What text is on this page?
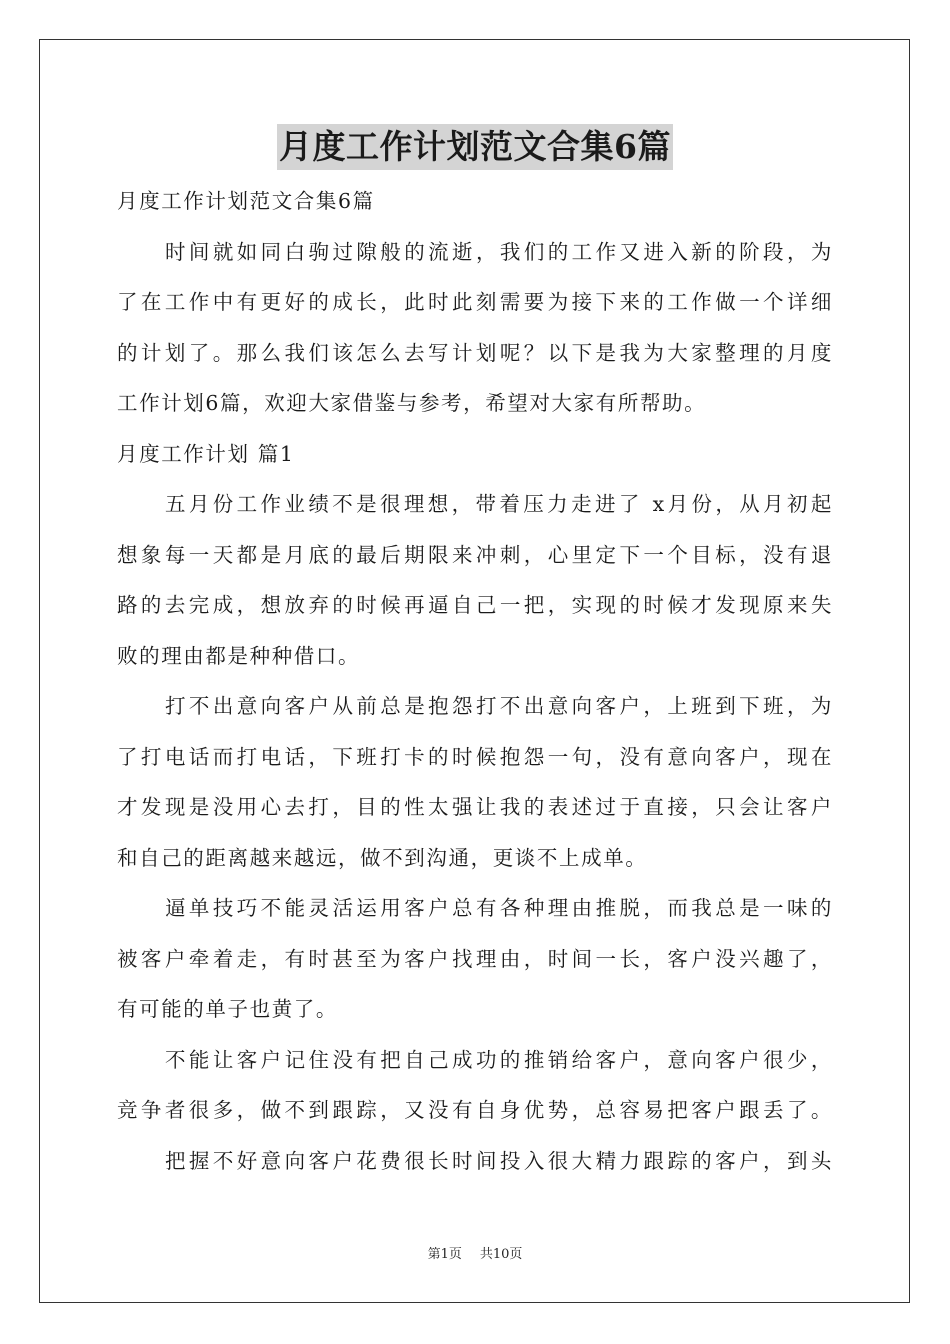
月度工作计划范文合集6篇
月度工作计划范文合集6篇
时间就如同白驹过隙般的流逝，我们的工作又进入新的阶段，为
了在工作中有更好的成长，此时此刻需要为接下来的工作做一个详细
的计划了。那么我们该怎么去写计划呢？以下是我为大家整理的月度
工作计划6篇，欢迎大家借鉴与参考，希望对大家有所帮助。
月度工作计划 篇1
五月份工作业绩不是很理想，带着压力走进了 x月份，从月初起
想象每一天都是月底的最后期限来冲刺，心里定下一个目标，没有退
路的去完成，想放弃的时候再逼自己一把，实现的时候才发现原来失
败的理由都是种种借口。
打不出意向客户从前总是抱怨打不出意向客户，上班到下班，为
了打电话而打电话，下班打卡的时候抱怨一句，没有意向客户，现在
才发现是没用心去打，目的性太强让我的表述过于直接，只会让客户
和自己的距离越来越远，做不到沟通，更谈不上成单。
逼单技巧不能灵活运用客户总有各种理由推脱，而我总是一味的
被客户牵着走，有时甚至为客户找理由，时间一长，客户没兴趣了，
有可能的单子也黄了。
不能让客户记住没有把自己成功的推销给客户，意向客户很少，
竞争者很多，做不到跟踪，又没有自身优势，总容易把客户跟丢了。
把握不好意向客户花费很长时间投入很大精力跟踪的客户，到头
第1页 共10页
